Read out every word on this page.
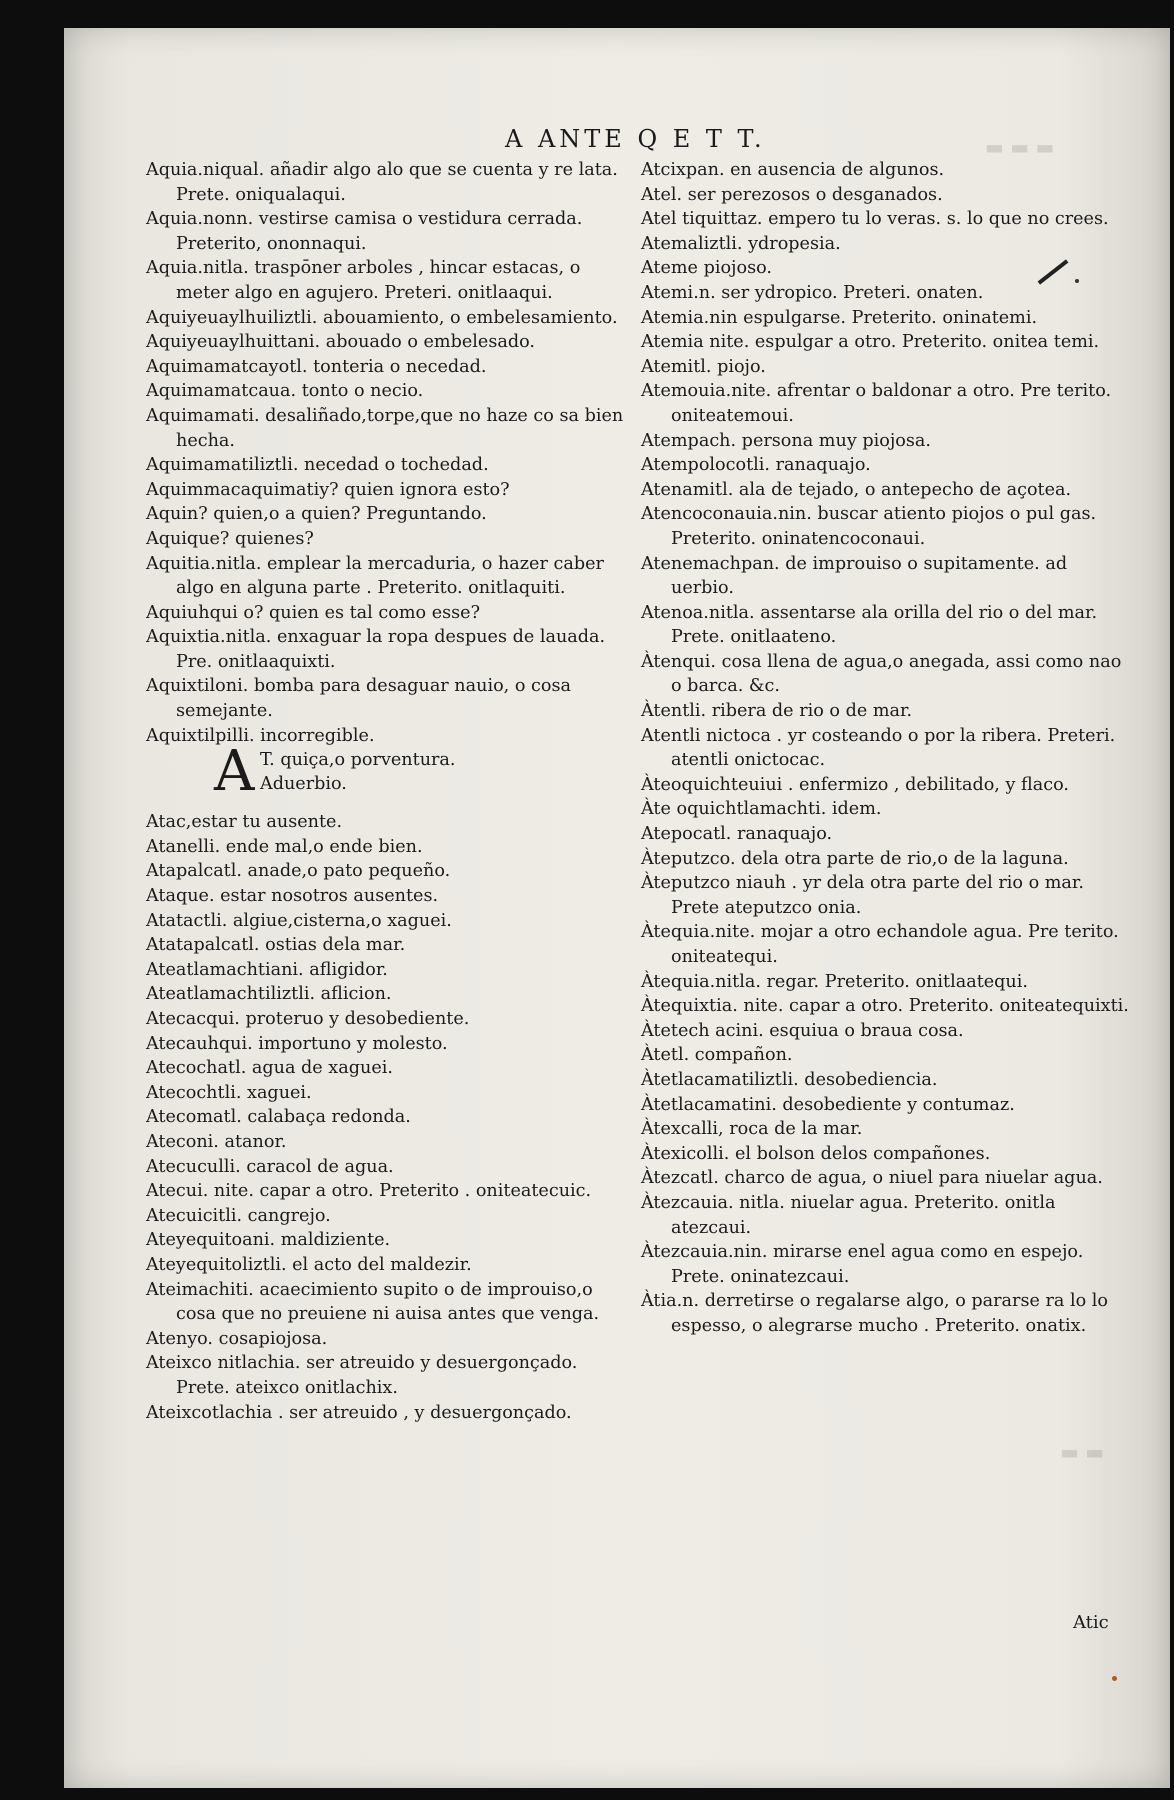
▬ ▬ ▬
▬ ▬
A ANTE Q E T T.

Aquia.niqual. añadir algo alo que se cuenta y re lata. Prete. oniqualaqui.

Aquia.nonn. vestirse camisa o vestidura cerrada. Preterito, ononnaqui.

Aquia.nitla. traspōner arboles , hincar estacas, o meter algo en agujero. Preteri. onitlaaqui.

Aquiyeuaylhuiliztli. abouamiento, o embelesamiento.

Aquiyeuaylhuittani. abouado o embelesado.

Aquimamatcayotl. tonteria o necedad.

Aquimamatcaua. tonto o necio.

Aquimamati. desaliñado,torpe,que no haze co sa bien hecha.

Aquimamatiliztli. necedad o tochedad.

Aquimmacaquimatiy? quien ignora esto?

Aquin? quien,o a quien? Preguntando.

Aquique? quienes?

Aquitia.nitla. emplear la mercaduria, o hazer caber algo en alguna parte . Preterito. onitlaquiti.

Aquiuhqui o? quien es tal como esse?

Aquixtia.nitla. enxaguar la ropa despues de lauada. Pre. onitlaaquixti.

Aquixtiloni. bomba para desaguar nauio, o cosa semejante.

Aquixtilpilli. incorregible.

A T. quiça,o porventura.
Aduerbio.

Atac,estar tu ausente.

Atanelli. ende mal,o ende bien.

Atapalcatl. anade,o pato pequeño.

Ataque. estar nosotros ausentes.

Atatactli. algiue,cisterna,o xaguei.

Atatapalcatl. ostias dela mar.

Ateatlamachtiani. afligidor.

Ateatlamachtiliztli. aflicion.

Atecacqui. proteruo y desobediente.

Atecauhqui. importuno y molesto.

Atecochatl. agua de xaguei.

Atecochtli. xaguei.

Atecomatl. calabaça redonda.

Ateconi. atanor.

Atecuculli. caracol de agua.

Atecui. nite. capar a otro. Preterito . oniteatecuic.

Atecuicitli. cangrejo.

Ateyequitoani. maldiziente.

Ateyequitoliztli. el acto del maldezir.

Ateimachiti. acaecimiento supito o de improuiso,o cosa que no preuiene ni auisa antes que venga.

Atenyo. cosapiojosa.

Ateixco nitlachia. ser atreuido y desuergonçado. Prete. ateixco onitlachix.

Ateixcotlachia . ser atreuido , y desuergonçado.

Atcixpan. en ausencia de algunos.

Atel. ser perezosos o desganados.

Atel tiquittaz. empero tu lo veras. s. lo que no crees.

Atemaliztli. ydropesia.

Ateme piojoso.

Atemi.n. ser ydropico. Preteri. onaten.

Atemia.nin espulgarse. Preterito. oninatemi.

Atemia nite. espulgar a otro. Preterito. onitea temi.

Atemitl. piojo.

Atemouia.nite. afrentar o baldonar a otro. Pre terito. oniteatemoui.

Atempach. persona muy piojosa.

Atempolocotli. ranaquajo.

Atenamitl. ala de tejado, o antepecho de açotea.

Atencoconauia.nin. buscar atiento piojos o pul gas. Preterito. oninatencoconaui.

Atenemachpan. de improuiso o supitamente. ad uerbio.

Atenoa.nitla. assentarse ala orilla del rio o del mar. Prete. onitlaateno.

Àtenqui. cosa llena de agua,o anegada, assi como nao o barca. &c.

Àtentli. ribera de rio o de mar.

Atentli nictoca . yr costeando o por la ribera. Preteri. atentli onictocac.

Àteoquichteuiui . enfermizo , debilitado, y flaco.

Àte oquichtlamachti. idem.

Atepocatl. ranaquajo.

Àteputzco. dela otra parte de rio,o de la laguna.

Àteputzco niauh . yr dela otra parte del rio o mar. Prete ateputzco onia.

Àtequia.nite. mojar a otro echandole agua. Pre terito. oniteatequi.

Àtequia.nitla. regar. Preterito. onitlaatequi.

Àtequixtia. nite. capar a otro. Preterito. oniteatequixti.

Àtetech acini. esquiua o braua cosa.

Àtetl. compañon.

Àtetlacamatiliztli. desobediencia.

Àtetlacamatini. desobediente y contumaz.

Àtexcalli, roca de la mar.

Àtexicolli. el bolson delos compañones.

Àtezcatl. charco de agua, o niuel para niuelar agua.

Àtezcauia. nitla. niuelar agua. Preterito. onitla atezcaui.

Àtezcauia.nin. mirarse enel agua como en espejo. Prete. oninatezcaui.

Àtia.n. derretirse o regalarse algo, o pararse ra lo lo espesso, o alegrarse mucho . Preterito. onatix.

Atic
